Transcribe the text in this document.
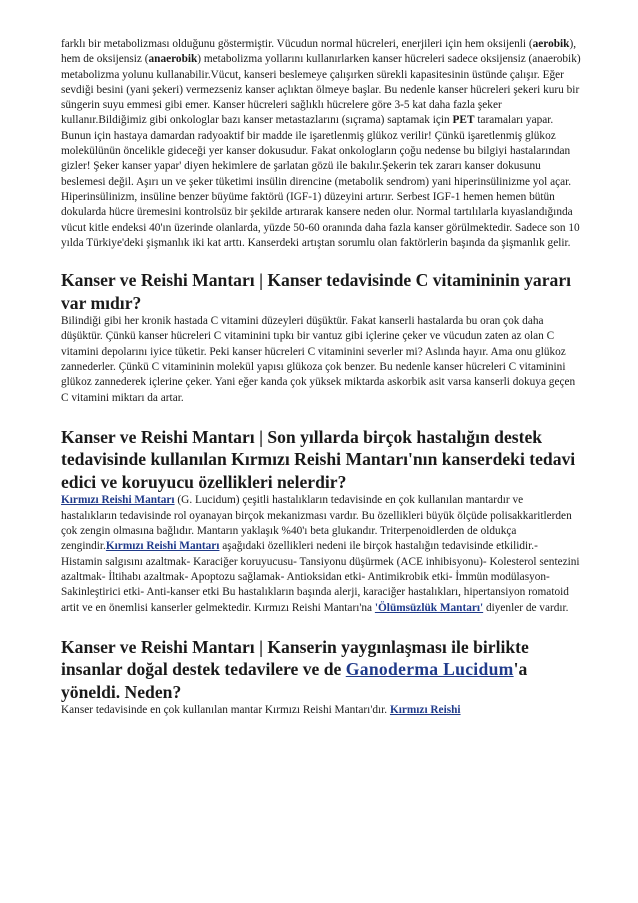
farklı bir metabolizması olduğunu göstermiştir. Vücudun normal hücreleri, enerjileri için hem oksijenli (aerobik), hem de oksijensiz (anaerobik) metabolizma yollarını kullanırlarken kanser hücreleri sadece oksijensiz (anaerobik) metabolizma yolunu kullanabilir.Vücut, kanseri beslemeye çalışırken sürekli kapasitesinin üstünde çalışır. Eğer sevdiği besini (yani şekeri) vermezseniz kanser açlıktan ölmeye başlar. Bu nedenle kanser hücreleri şekeri kuru bir süngerin suyu emmesi gibi emer. Kanser hücreleri sağlıklı hücrelere göre 3-5 kat daha fazla şeker kullanır.Bildiğimiz gibi onkologlar bazı kanser metastazlarını (sıçrama) saptamak için PET taramaları yapar. Bunun için hastaya damardan radyoaktif bir madde ile işaretlenmiş glükoz verilir! Çünkü işaretlenmiş glükoz molekülünün öncelikle gideceği yer kanser dokusudur. Fakat onkologların çoğu nedense bu bilgiyi hastalarından gizler! Şeker kanser yapar' diyen hekimlere de şarlatan gözü ile bakılır.Şekerin tek zararı kanser dokusunu beslemesi değil. Aşırı un ve şeker tüketimi insülin direncine (metabolik sendrom) yani hiperinsülinizme yol açar. Hiperinsülinizm, insüline benzer büyüme faktörü (IGF-1) düzeyini artırır. Serbest IGF-1 hemen hemen bütün dokularda hücre üremesini kontrolsüz bir şekilde artırarak kansere neden olur. Normal tartılılarla kıyaslandığında vücut kitle endeksi 40'ın üzerinde olanlarda, yüzde 50-60 oranında daha fazla kanser görülmektedir. Sadece son 10 yılda Türkiye'deki şişmanlık iki kat arttı. Kanserdeki artıştan sorumlu olan faktörlerin başında da şişmanlık gelir.

Kanser ve Reishi Mantarı | Kanser tedavisinde C vitamininin yararı var mıdır?

Bilindiği gibi her kronik hastada C vitamini düzeyleri düşüktür. Fakat kanserli hastalarda bu oran çok daha düşüktür. Çünkü kanser hücreleri C vitaminini tıpkı bir vantuz gibi içlerine çeker ve vücudun zaten az olan C vitamini depolarını iyice tüketir. Peki kanser hücreleri C vitaminini severler mi? Aslında hayır. Ama onu glükoz zannederler. Çünkü C vitamininin molekül yapısı glükoza çok benzer. Bu nedenle kanser hücreleri C vitaminini glükoz zannederek içlerine çeker. Yani eğer kanda çok yüksek miktarda askorbik asit varsa kanserli dokuya geçen C vitamini miktarı da artar.

Kanser ve Reishi Mantarı | Son yıllarda birçok hastalığın destek tedavisinde kullanılan Kırmızı Reishi Mantarı'nın kanserdeki tedavi edici ve koruyucu özellikleri nelerdir?

Kırmızı Reishi Mantarı (G. Lucidum) çeşitli hastalıkların tedavisinde en çok kullanılan mantardır ve hastalıkların tedavisinde rol oyanayan birçok mekanizması vardır. Bu özellikleri büyük ölçüde polisakkaritlerden çok zengin olmasına bağlıdır. Mantarın yaklaşık %40'ı beta glukandır. Triterpenoidlerden de oldukça zengindir.Kırmızı Reishi Mantarı aşağıdaki özellikleri nedeni ile birçok hastalığın tedavisinde etkilidir.- Histamin salgısını azaltmak- Karaciğer koruyucusu- Tansiyonu düşürmek (ACE inhibisyonu)- Kolesterol sentezini azaltmak- İltihabı azaltmak- Apoptozu sağlamak- Antioksidan etki- Antimikrobik etki- İmmün modülasyon- Sakinleştirici etki- Anti-kanser etki Bu hastalıkların başında alerji, karaciğer hastalıkları, hipertansiyon romatoid artit ve en önemlisi kanserler gelmektedir. Kırmızı Reishi Mantarı'na 'Ölümsüzlük Mantarı' diyenler de vardır.

Kanser ve Reishi Mantarı | Kanserin yaygınlaşması ile birlikte insanlar doğal destek tedavilere ve de Ganoderma Lucidum'a yöneldi. Neden?

Kanser tedavisinde en çok kullanılan mantar Kırmızı Reishi Mantarı'dır. Kırmızı Reishi
